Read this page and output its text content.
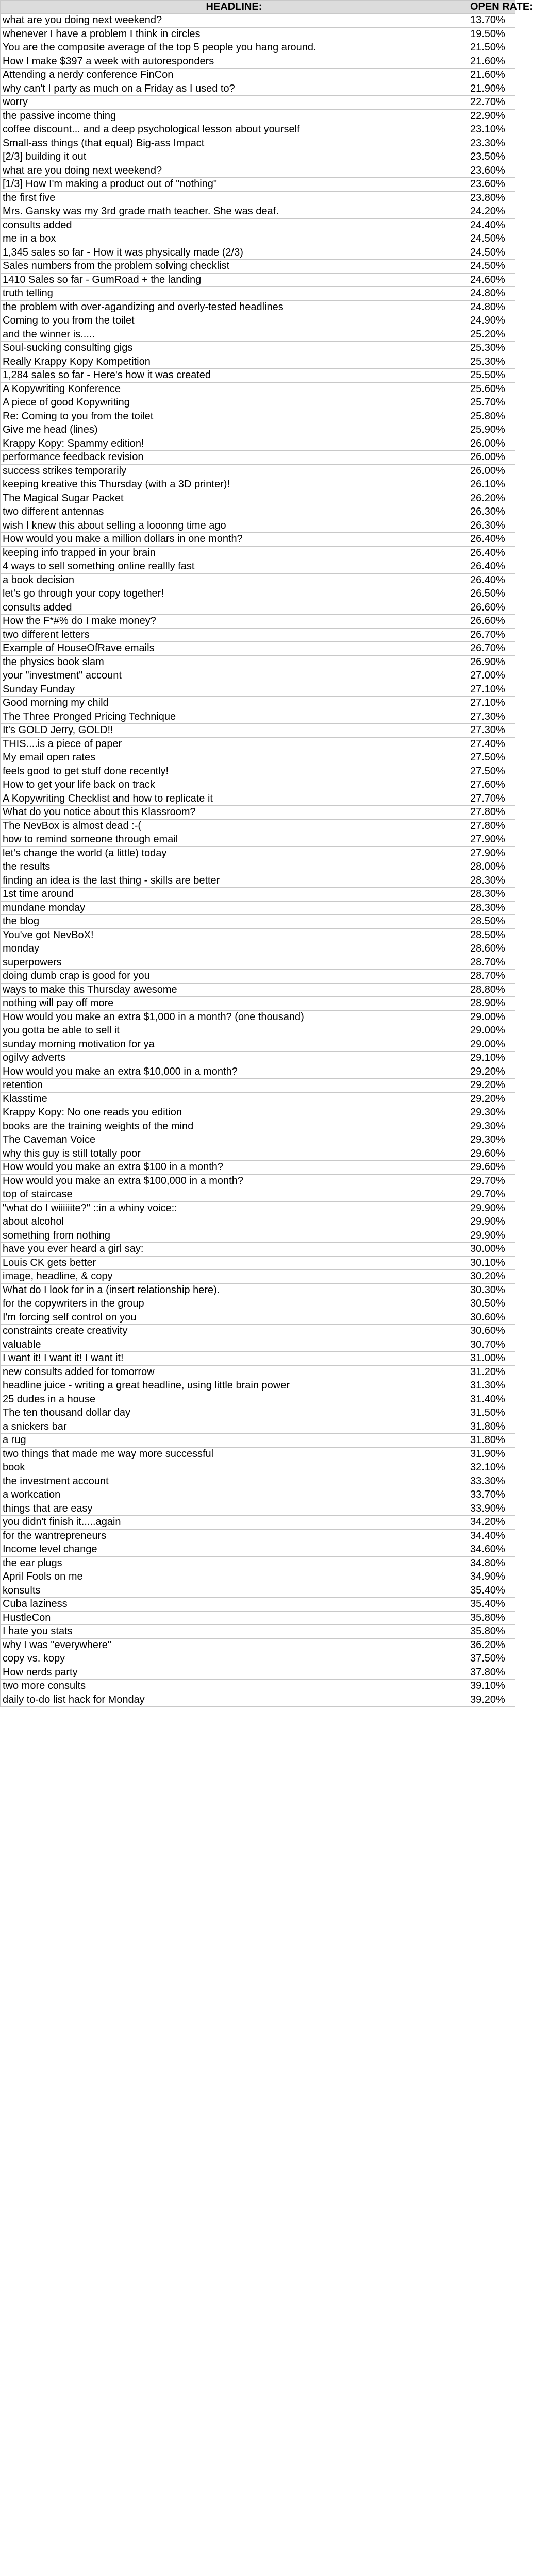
HEADLINE:	OPEN RATE:
what are you doing next weekend?	13.70%
whenever I have a problem I think in circles	19.50%
You are the composite average of the top 5 people you hang around.	21.50%
How I make $397 a week with autoresponders	21.60%
Attending a nerdy conference FinCon	21.60%
why can't I party as much on a Friday as I used to?	21.90%
worry	22.70%
the passive income thing	22.90%
coffee discount... and a deep psychological lesson about yourself	23.10%
Small-ass things (that equal) Big-ass Impact	23.30%
[2/3] building it out	23.50%
what are you doing next weekend?	23.60%
[1/3] How I'm making a product out of "nothing"	23.60%
the first five	23.80%
Mrs. Gansky was my 3rd grade math teacher. She was deaf.	24.20%
consults added	24.40%
me in a box	24.50%
1,345 sales so far - How it was physically made (2/3)	24.50%
Sales numbers from the problem solving checklist	24.50%
1410 Sales so far - GumRoad + the landing	24.60%
truth telling	24.80%
the problem with over-agandizing and overly-tested headlines	24.80%
Coming to you from the toilet	24.90%
and the winner is.....	25.20%
Soul-sucking consulting gigs	25.30%
Really Krappy Kopy Kompetition	25.30%
1,284 sales so far - Here's how it was created	25.50%
A Kopywriting Konference	25.60%
A piece of good Kopywriting	25.70%
Re: Coming to you from the toilet	25.80%
Give me head (lines)	25.90%
Krappy Kopy: Spammy edition!	26.00%
performance feedback revision	26.00%
success strikes temporarily	26.00%
keeping kreative this Thursday (with a 3D printer)!	26.10%
The Magical Sugar Packet	26.20%
two different antennas	26.30%
wish I knew this about selling a looonng time ago	26.30%
How would you make a million dollars in one month?	26.40%
keeping info trapped in your brain	26.40%
4 ways to sell something online reallly fast	26.40%
a book decision	26.40%
let's go through your copy together!	26.50%
consults added	26.60%
How the F*#% do I make money?	26.60%
two different letters	26.70%
Example of HouseOfRave emails	26.70%
the physics book slam	26.90%
your "investment" account	27.00%
Sunday Funday	27.10%
Good morning my child	27.10%
The Three Pronged Pricing Technique	27.30%
It's GOLD Jerry, GOLD!!	27.30%
THIS....is a piece of paper	27.40%
My email open rates	27.50%
feels good to get stuff done recently!	27.50%
How to get your life back on track	27.60%
A Kopywriting Checklist and how to replicate it	27.70%
What do you notice about this Klassroom?	27.80%
The NevBox is almost dead :-(	27.80%
how to remind someone through email	27.90%
let's change the world (a little) today	27.90%
the results	28.00%
finding an idea is the last thing - skills are better	28.30%
1st time around	28.30%
mundane monday	28.30%
the blog	28.50%
You've got NevBoX!	28.50%
monday	28.60%
superpowers	28.70%
doing dumb crap is good for you	28.70%
ways to make this Thursday awesome	28.80%
nothing will pay off more	28.90%
How would you make an extra $1,000 in a month? (one thousand)	29.00%
you gotta be able to sell it	29.00%
sunday morning motivation for ya	29.00%
ogilvy adverts	29.10%
How would you make an extra $10,000 in a month?	29.20%
retention	29.20%
Klasstime	29.20%
Krappy Kopy: No one reads you edition	29.30%
books are the training weights of the mind	29.30%
The Caveman Voice	29.30%
why this guy is still totally poor	29.60%
How would you make an extra $100 in a month?	29.60%
How would you make an extra $100,000 in a month?	29.70%
top of staircase	29.70%
"what do I wiiiiiite?" ::in a whiny voice::	29.90%
about alcohol	29.90%
something from nothing	29.90%
have you ever heard a girl say:	30.00%
Louis CK gets better	30.10%
image, headline, & copy	30.20%
What do I look for in a (insert relationship here).	30.30%
for the copywriters in the group	30.50%
I'm forcing self control on you	30.60%
constraints create creativity	30.60%
valuable	30.70%
I want it! I want it! I want it!	31.00%
new consults added for tomorrow	31.20%
headline juice - writing a great headline, using little brain power	31.30%
25 dudes in a house	31.40%
The ten thousand dollar day	31.50%
a snickers bar	31.80%
a rug	31.80%
two things that made me way more successful	31.90%
book	32.10%
the investment account	33.30%
a workcation	33.70%
things that are easy	33.90%
you didn't finish it.....again	34.20%
for the wantrepreneurs	34.40%
Income level change	34.60%
the ear plugs	34.80%
April Fools on me	34.90%
konsults	35.40%
Cuba laziness	35.40%
HustleCon	35.80%
I hate you stats	35.80%
why I was "everywhere"	36.20%
copy vs. kopy	37.50%
How nerds party	37.80%
two more consults	39.10%
daily to-do list hack for Monday	39.20%
